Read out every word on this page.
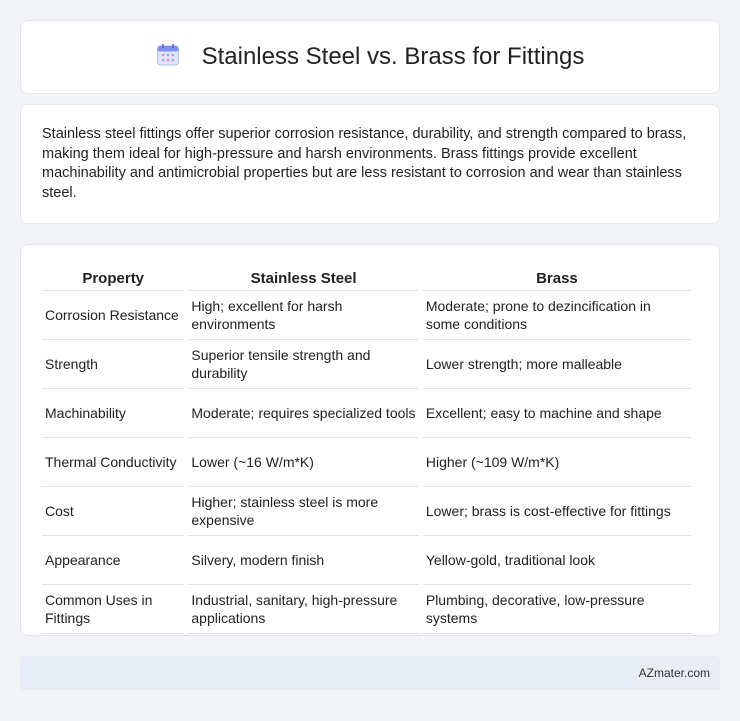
Stainless Steel vs. Brass for Fittings

Stainless steel fittings offer superior corrosion resistance, durability, and strength compared to brass, making them ideal for high-pressure and harsh environments. Brass fittings provide excellent machinability and antimicrobial properties but are less resistant to corrosion and wear than stainless steel.

Property	Stainless Steel	Brass
Corrosion Resistance	High; excellent for harsh environments	Moderate; prone to dezincification in some conditions
Strength	Superior tensile strength and durability	Lower strength; more malleable
Machinability	Moderate; requires specialized tools	Excellent; easy to machine and shape
Thermal Conductivity	Lower (~16 W/m*K)	Higher (~109 W/m*K)
Cost	Higher; stainless steel is more expensive	Lower; brass is cost-effective for fittings
Appearance	Silvery, modern finish	Yellow-gold, traditional look
Common Uses in Fittings	Industrial, sanitary, high-pressure applications	Plumbing, decorative, low-pressure systems
AZmater.com
